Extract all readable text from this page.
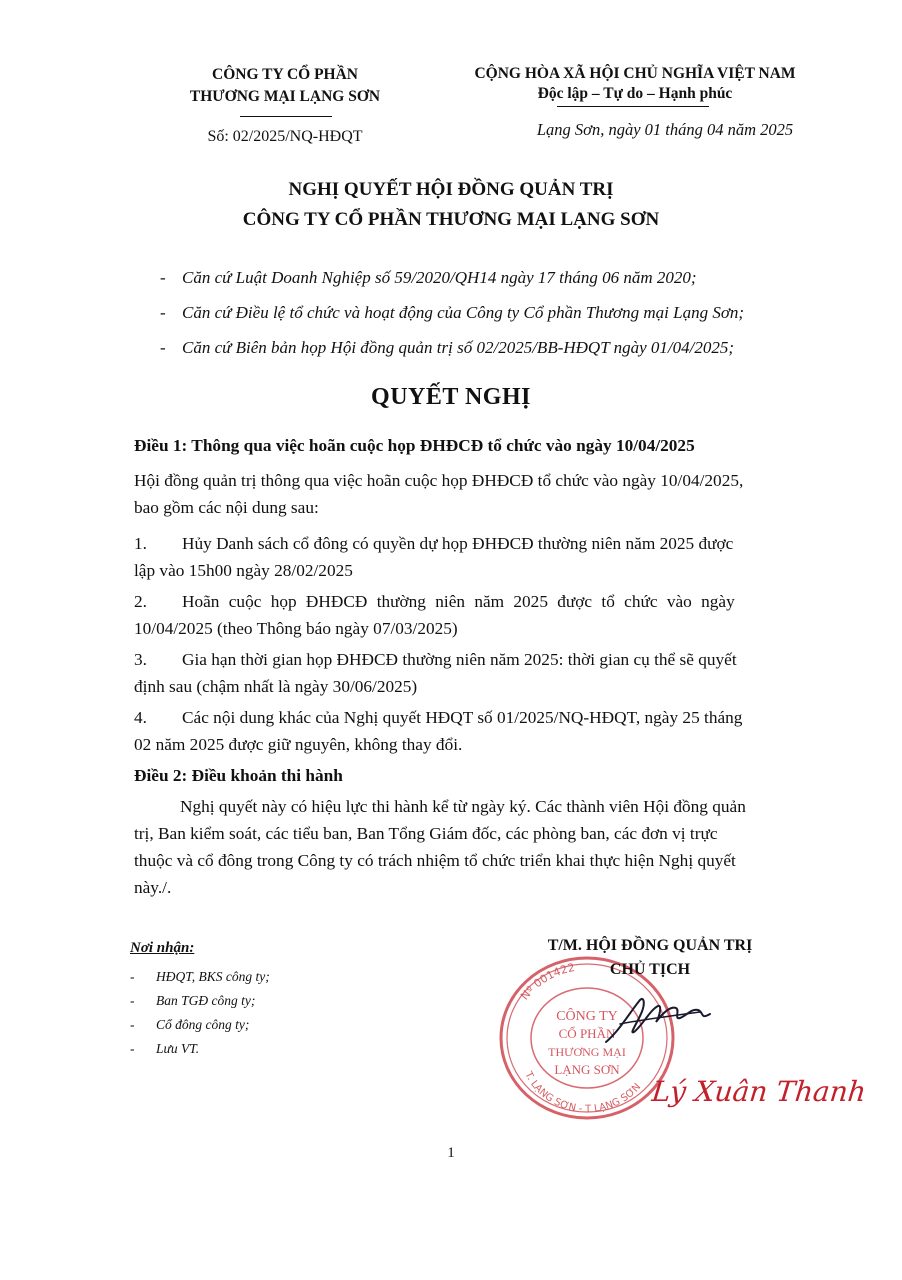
CÔNG TY CỔ PHẦN
THƯƠNG MẠI LẠNG SƠN
Số: 02/2025/NQ-HĐQT
CỘNG HÒA XÃ HỘI CHỦ NGHĨA VIỆT NAM
Độc lập – Tự do – Hạnh phúc
Lạng Sơn, ngày 01 tháng 04 năm 2025
NGHỊ QUYẾT HỘI ĐỒNG QUẢN TRỊ
CÔNG TY CỔ PHẦN THƯƠNG MẠI LẠNG SƠN
- Căn cứ Luật Doanh Nghiệp số 59/2020/QH14 ngày 17 tháng 06 năm 2020;
- Căn cứ Điều lệ tổ chức và hoạt động của Công ty Cổ phần Thương mại Lạng Sơn;
- Căn cứ Biên bản họp Hội đồng quản trị số 02/2025/BB-HĐQT ngày 01/04/2025;
QUYẾT NGHỊ
Điều 1: Thông qua việc hoãn cuộc họp ĐHĐCĐ tổ chức vào ngày 10/04/2025
Hội đồng quản trị thông qua việc hoãn cuộc họp ĐHĐCĐ tổ chức vào ngày 10/04/2025,
bao gồm các nội dung sau:
1. Hủy Danh sách cổ đông có quyền dự họp ĐHĐCĐ thường niên năm 2025 được
lập vào 15h00 ngày 28/02/2025
2. Hoãn cuộc họp ĐHĐCĐ thường niên năm 2025 được tổ chức vào ngày
10/04/2025 (theo Thông báo ngày 07/03/2025)
3. Gia hạn thời gian họp ĐHĐCĐ thường niên năm 2025: thời gian cụ thể sẽ quyết
định sau (chậm nhất là ngày 30/06/2025)
4. Các nội dung khác của Nghị quyết HĐQT số 01/2025/NQ-HĐQT, ngày 25 tháng
02 năm 2025 được giữ nguyên, không thay đổi.
Điều 2: Điều khoản thi hành
Nghị quyết này có hiệu lực thi hành kể từ ngày ký. Các thành viên Hội đồng quản
trị, Ban kiểm soát, các tiểu ban, Ban Tổng Giám đốc, các phòng ban, các đơn vị trực
thuộc và cổ đông trong Công ty có trách nhiệm tổ chức triển khai thực hiện Nghị quyết
này./.
Nơi nhận:
- HĐQT, BKS công ty;
- Ban TGĐ công ty;
- Cổ đông công ty;
- Lưu VT.
Nº 001422
T. LẠNG SƠN - T LẠNG SƠN
CÔNG TY
CỔ PHẦN
THƯƠNG MẠI
LẠNG SƠN
T/M. HỘI ĐỒNG QUẢN TRỊ
CHỦ TỊCH
Lý Xuân Thanh
1
